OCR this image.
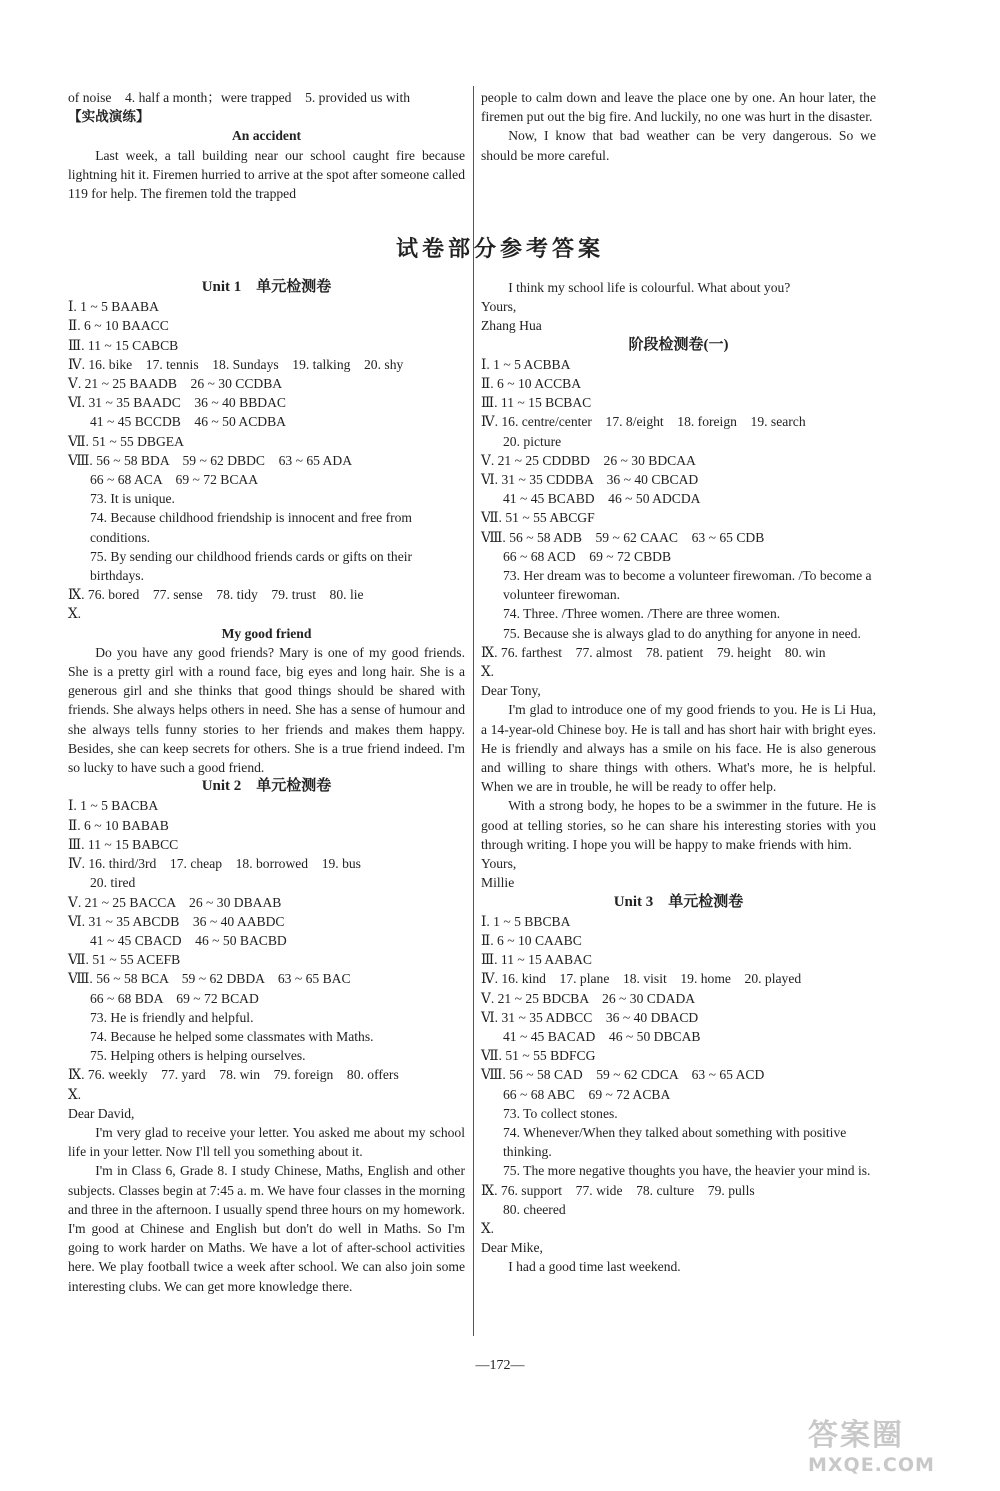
of noise　4. half a month；were trapped　5. provided us with
【实战演练】
An accident
Last week, a tall building near our school caught fire because lightning hit it. Firemen hurried to arrive at the spot after someone called 119 for help. The firemen told the trapped
people to calm down and leave the place one by one. An hour later, the firemen put out the big fire. And luckily, no one was hurt in the disaster.
Now, I know that bad weather can be very dangerous. So we should be more careful.
试卷部分参考答案
Unit 1　单元检测卷
Ⅰ. 1 ~ 5 BAABA
Ⅱ. 6 ~ 10 BAACC
Ⅲ. 11 ~ 15 CABCB
Ⅳ. 16. bike　17. tennis　18. Sundays　19. talking　20. shy
Ⅴ. 21 ~ 25 BAADB　26 ~ 30 CCDBA
Ⅵ. 31 ~ 35 BAADC　36 ~ 40 BBDAC
41 ~ 45 BCCDB　46 ~ 50 ACDBA
Ⅶ. 51 ~ 55 DBGEA
Ⅷ. 56 ~ 58 BDA　59 ~ 62 DBDC　63 ~ 65 ADA
66 ~ 68 ACA　69 ~ 72 BCAA
73. It is unique.
74. Because childhood friendship is innocent and free from conditions.
75. By sending our childhood friends cards or gifts on their birthdays.
Ⅸ. 76. bored　77. sense　78. tidy　79. trust　80. lie
Ⅹ.
My good friend
Do you have any good friends? Mary is one of my good friends. She is a pretty girl with a round face, big eyes and long hair. She is a generous girl and she thinks that good things should be shared with friends. She always helps others in need. She has a sense of humour and she always tells funny stories to her friends and makes them happy. Besides, she can keep secrets for others. She is a true friend indeed. I'm so lucky to have such a good friend.
Unit 2　单元检测卷
Ⅰ. 1 ~ 5 BACBA
Ⅱ. 6 ~ 10 BABAB
Ⅲ. 11 ~ 15 BABCC
Ⅳ. 16. third/3rd　17. cheap　18. borrowed　19. bus
20. tired
Ⅴ. 21 ~ 25 BACCA　26 ~ 30 DBAAB
Ⅵ. 31 ~ 35 ABCDB　36 ~ 40 AABDC
41 ~ 45 CBACD　46 ~ 50 BACBD
Ⅶ. 51 ~ 55 ACEFB
Ⅷ. 56 ~ 58 BCA　59 ~ 62 DBDA　63 ~ 65 BAC
66 ~ 68 BDA　69 ~ 72 BCAD
73. He is friendly and helpful.
74. Because he helped some classmates with Maths.
75. Helping others is helping ourselves.
Ⅸ. 76. weekly　77. yard　78. win　79. foreign　80. offers
Ⅹ.
Dear David,
I'm very glad to receive your letter. You asked me about my school life in your letter. Now I'll tell you something about it.
I'm in Class 6, Grade 8. I study Chinese, Maths, English and other subjects. Classes begin at 7:45 a. m. We have four classes in the morning and three in the afternoon. I usually spend three hours on my homework. I'm good at Chinese and English but don't do well in Maths. So I'm going to work harder on Maths. We have a lot of after-school activities here. We play football twice a week after school. We can also join some interesting clubs. We can get more knowledge there.
I think my school life is colourful. What about you?
Yours,
Zhang Hua
阶段检测卷(一)
Ⅰ. 1 ~ 5 ACBBA
Ⅱ. 6 ~ 10 ACCBA
Ⅲ. 11 ~ 15 BCBAC
Ⅳ. 16. centre/center　17. 8/eight　18. foreign　19. search
20. picture
Ⅴ. 21 ~ 25 CDDBD　26 ~ 30 BDCAA
Ⅵ. 31 ~ 35 CDDBA　36 ~ 40 CBCAD
41 ~ 45 BCABD　46 ~ 50 ADCDA
Ⅶ. 51 ~ 55 ABCGF
Ⅷ. 56 ~ 58 ADB　59 ~ 62 CAAC　63 ~ 65 CDB
66 ~ 68 ACD　69 ~ 72 CBDB
73. Her dream was to become a volunteer firewoman. /To become a volunteer firewoman.
74. Three. /Three women. /There are three women.
75. Because she is always glad to do anything for anyone in need.
Ⅸ. 76. farthest　77. almost　78. patient　79. height　80. win
Ⅹ.
Dear Tony,
I'm glad to introduce one of my good friends to you. He is Li Hua, a 14-year-old Chinese boy. He is tall and has short hair with bright eyes. He is friendly and always has a smile on his face. He is also generous and willing to share things with others. What's more, he is helpful. When we are in trouble, he will be ready to offer help.
With a strong body, he hopes to be a swimmer in the future. He is good at telling stories, so he can share his interesting stories with you through writing. I hope you will be happy to make friends with him.
Yours,
Millie
Unit 3　单元检测卷
Ⅰ. 1 ~ 5 BBCBA
Ⅱ. 6 ~ 10 CAABC
Ⅲ. 11 ~ 15 AABAC
Ⅳ. 16. kind　17. plane　18. visit　19. home　20. played
Ⅴ. 21 ~ 25 BDCBA　26 ~ 30 CDADA
Ⅵ. 31 ~ 35 ADBCC　36 ~ 40 DBACD
41 ~ 45 BACAD　46 ~ 50 DBCAB
Ⅶ. 51 ~ 55 BDFCG
Ⅷ. 56 ~ 58 CAD　59 ~ 62 CDCA　63 ~ 65 ACD
66 ~ 68 ABC　69 ~ 72 ACBA
73. To collect stones.
74. Whenever/When they talked about something with positive thinking.
75. The more negative thoughts you have, the heavier your mind is.
Ⅸ. 76. support　77. wide　78. culture　79. pulls
80. cheered
Ⅹ.
Dear Mike,
I had a good time last weekend.
—172—
答案圈
MXQE.COM
